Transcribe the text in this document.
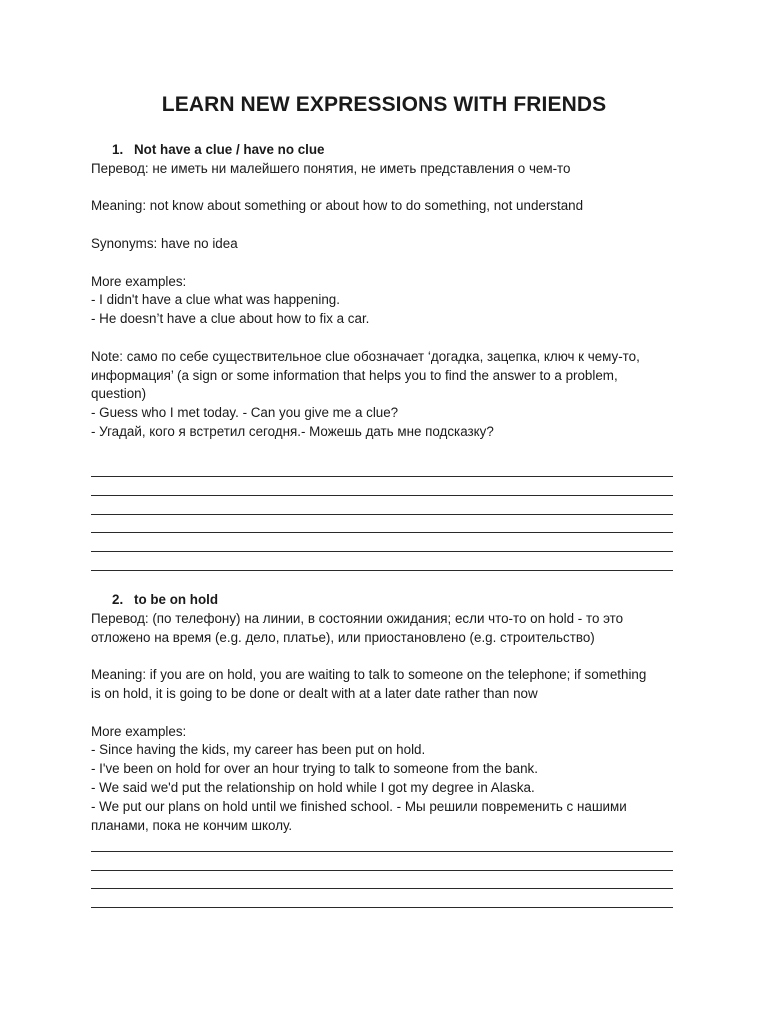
LEARN NEW EXPRESSIONS WITH FRIENDS
1. Not have a clue / have no clue
Перевод: не иметь ни малейшего понятия, не иметь представления о чем-то
Meaning: not know about something or about how to do something, not understand
Synonyms: have no idea
More examples:
- I didn't have a clue what was happening.
- He doesn’t have a clue about how to fix a car.
Note: само по себе существительное clue обозначает ‘догадка, зацепка, ключ к чему-то,
информация’ (a sign or some information that helps you to find the answer to a problem,
question)
- Guess who I met today. - Can you give me a clue?
- Угадай, кого я встретил сегодня.- Можешь дать мне подсказку?
2. to be on hold
Перевод: (по телефону) на линии, в состоянии ожидания; если что-то on hold - то это
отложено на время (e.g. дело, платье), или приостановлено (e.g. строительство)
Meaning: if you are on hold, you are waiting to talk to someone on the telephone; if something
is on hold, it is going to be done or dealt with at a later date rather than now
More examples:
- Since having the kids, my career has been put on hold.
- I've been on hold for over an hour trying to talk to someone from the bank.
- We said we'd put the relationship on hold while I got my degree in Alaska.
- We put our plans on hold until we finished school. - Мы решили повременить с нашими
планами, пока не кончим школу.
